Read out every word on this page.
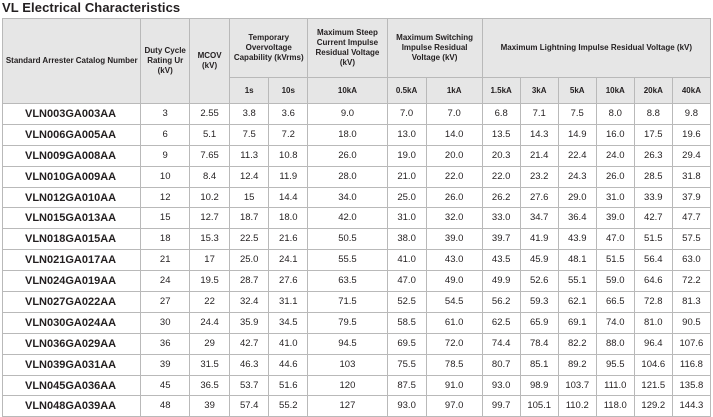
VL Electrical Characteristics
Standard Arrester Catalog Number	Duty Cycle Rating Ur (kV)	MCOV (kV)	Temporary Overvoltage Capability (kVrms)		Maximum Steep Current Impulse Residual Voltage (kV)	Maximum Switching Impulse Residual Voltage (kV)		Maximum Lightning Impulse Residual Voltage (kV)					
			1s	10s	10kA	0.5kA	1kA	1.5kA	3kA	5kA	10kA	20kA	40kA
VLN003GA003AA	3	2.55	3.8	3.6	9.0	7.0	7.0	6.8	7.1	7.5	8.0	8.8	9.8
VLN006GA005AA	6	5.1	7.5	7.2	18.0	13.0	14.0	13.5	14.3	14.9	16.0	17.5	19.6
VLN009GA008AA	9	7.65	11.3	10.8	26.0	19.0	20.0	20.3	21.4	22.4	24.0	26.3	29.4
VLN010GA009AA	10	8.4	12.4	11.9	28.0	21.0	22.0	22.0	23.2	24.3	26.0	28.5	31.8
VLN012GA010AA	12	10.2	15	14.4	34.0	25.0	26.0	26.2	27.6	29.0	31.0	33.9	37.9
VLN015GA013AA	15	12.7	18.7	18.0	42.0	31.0	32.0	33.0	34.7	36.4	39.0	42.7	47.7
VLN018GA015AA	18	15.3	22.5	21.6	50.5	38.0	39.0	39.7	41.9	43.9	47.0	51.5	57.5
VLN021GA017AA	21	17	25.0	24.1	55.5	41.0	43.0	43.5	45.9	48.1	51.5	56.4	63.0
VLN024GA019AA	24	19.5	28.7	27.6	63.5	47.0	49.0	49.9	52.6	55.1	59.0	64.6	72.2
VLN027GA022AA	27	22	32.4	31.1	71.5	52.5	54.5	56.2	59.3	62.1	66.5	72.8	81.3
VLN030GA024AA	30	24.4	35.9	34.5	79.5	58.5	61.0	62.5	65.9	69.1	74.0	81.0	90.5
VLN036GA029AA	36	29	42.7	41.0	94.5	69.5	72.0	74.4	78.4	82.2	88.0	96.4	107.6
VLN039GA031AA	39	31.5	46.3	44.6	103	75.5	78.5	80.7	85.1	89.2	95.5	104.6	116.8
VLN045GA036AA	45	36.5	53.7	51.6	120	87.5	91.0	93.0	98.9	103.7	111.0	121.5	135.8
VLN048GA039AA	48	39	57.4	55.2	127	93.0	97.0	99.7	105.1	110.2	118.0	129.2	144.3
